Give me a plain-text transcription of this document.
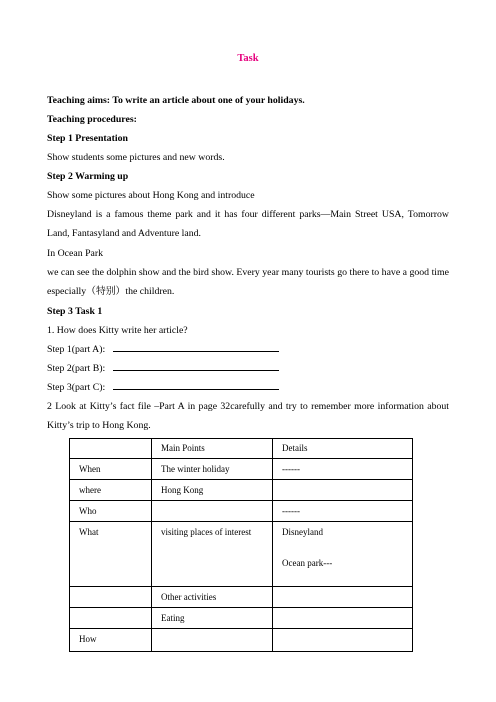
Task
Teaching aims: To write an article about one of your holidays.
Teaching procedures:
Step 1 Presentation
Show students some pictures and new words.
Step 2 Warming up
Show some pictures about Hong Kong and introduce
Disneyland is a famous theme park and it has four different parks—Main Street USA, Tomorrow Land, Fantasyland and Adventure land.
In Ocean Park
we can see the dolphin show and the bird show. Every year many tourists go there to have a good time especially（特别）the children.
Step 3 Task 1
1. How does Kitty write her article?
Step 1(part A):
Step 2(part B):
Step 3(part C):
2 Look at Kitty’s fact file –Part A in page 32carefully and try to remember more information about Kitty’s trip to Hong Kong.
	Main Points	Details
When	The winter holiday	------
where	Hong Kong	
Who		------
What	visiting places of interest	Disneyland
Ocean park---

	Other activities	
	Eating	
How		
